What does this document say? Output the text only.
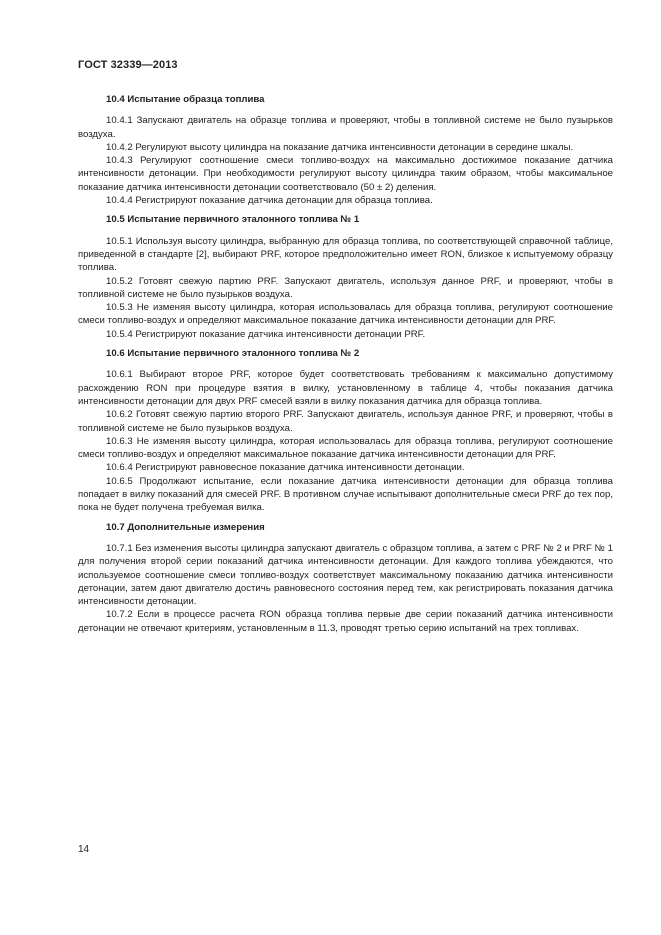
ГОСТ 32339—2013

10.4 Испытание образца топлива

10.4.1 Запускают двигатель на образце топлива и проверяют, чтобы в топливной системе не было пузырьков воздуха.

10.4.2 Регулируют высоту цилиндра на показание датчика интенсивности детонации в середине шкалы.

10.4.3 Регулируют соотношение смеси топливо-воздух на максимально достижимое показание датчика интенсивности детонации. При необходимости регулируют высоту цилиндра таким образом, чтобы максимальное показание датчика интенсивности детонации соответствовало (50 ± 2) деления.

10.4.4 Регистрируют показание датчика детонации для образца топлива.

10.5 Испытание первичного эталонного топлива № 1

10.5.1 Используя высоту цилиндра, выбранную для образца топлива, по соответствующей справочной таблице, приведенной в стандарте [2], выбирают PRF, которое предположительно имеет RON, близкое к испытуемому образцу топлива.

10.5.2 Готовят свежую партию PRF. Запускают двигатель, используя данное PRF, и проверяют, чтобы в топливной системе не было пузырьков воздуха.

10.5.3 Не изменяя высоту цилиндра, которая использовалась для образца топлива, регулируют соотношение смеси топливо-воздух и определяют максимальное показание датчика интенсивности детонации для PRF.

10.5.4 Регистрируют показание датчика интенсивности детонации PRF.

10.6 Испытание первичного эталонного топлива № 2

10.6.1 Выбирают второе PRF, которое будет соответствовать требованиям к максимально допустимому расхождению RON при процедуре взятия в вилку, установленному в таблице 4, чтобы показания датчика интенсивности детонации для двух PRF смесей взяли в вилку показания датчика для образца топлива.

10.6.2 Готовят свежую партию второго PRF. Запускают двигатель, используя данное PRF, и проверяют, чтобы в топливной системе не было пузырьков воздуха.

10.6.3 Не изменяя высоту цилиндра, которая использовалась для образца топлива, регулируют соотношение смеси топливо-воздух и определяют максимальное показание датчика интенсивности детонации для PRF.

10.6.4 Регистрируют равновесное показание датчика интенсивности детонации.

10.6.5 Продолжают испытание, если показание датчика интенсивности детонации для образца топлива попадает в вилку показаний для смесей PRF. В противном случае испытывают дополнительные смеси PRF до тех пор, пока не будет получена требуемая вилка.

10.7 Дополнительные измерения

10.7.1 Без изменения высоты цилиндра запускают двигатель с образцом топлива, а затем с PRF № 2 и PRF № 1 для получения второй серии показаний датчика интенсивности детонации. Для каждого топлива убеждаются, что используемое соотношение смеси топливо-воздух соответствует максимальному показанию датчика интенсивности детонации, затем дают двигателю достичь равновесного состояния перед тем, как регистрировать показания датчика интенсивности детонации.

10.7.2 Если в процессе расчета RON образца топлива первые две серии показаний датчика интенсивности детонации не отвечают критериям, установленным в 11.3, проводят третью серию испытаний на трех топливах.

14
